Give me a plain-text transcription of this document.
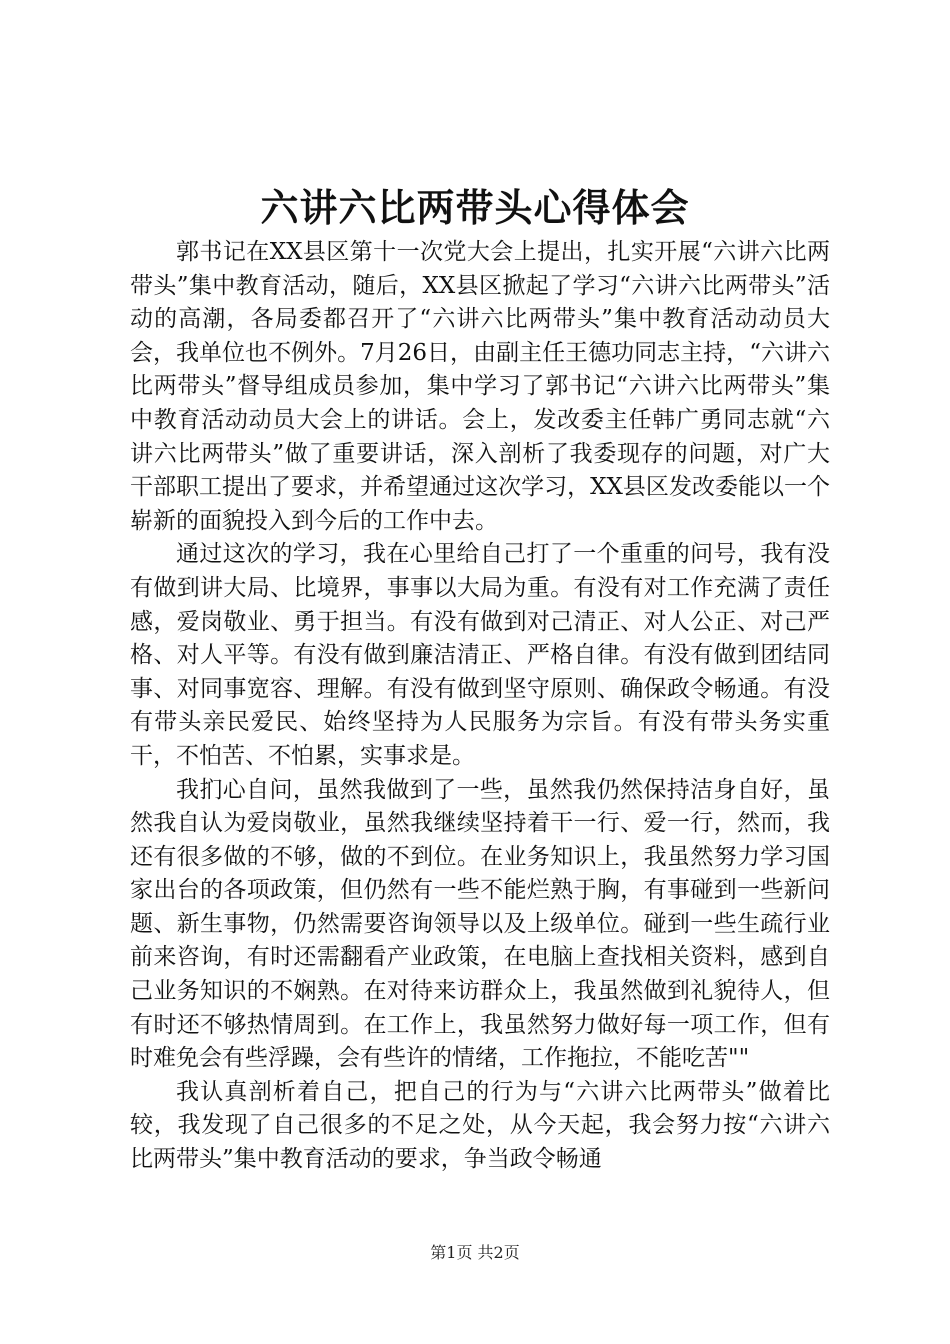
六讲六比两带头心得体会

郭书记在XX县区第十一次党大会上提出，扎实开展“六讲六比两带头”集中教育活动，随后，XX县区掀起了学习“六讲六比两带头”活动的高潮，各局委都召开了“六讲六比两带头”集中教育活动动员大会，我单位也不例外。7月26日，由副主任王德功同志主持，“六讲六比两带头”督导组成员参加，集中学习了郭书记“六讲六比两带头”集中教育活动动员大会上的讲话。会上，发改委主任韩广勇同志就“六讲六比两带头”做了重要讲话，深入剖析了我委现存的问题，对广大干部职工提出了要求，并希望通过这次学习，XX县区发改委能以一个崭新的面貌投入到今后的工作中去。

通过这次的学习，我在心里给自己打了一个重重的问号，我有没有做到讲大局、比境界，事事以大局为重。有没有对工作充满了责任感，爱岗敬业、勇于担当。有没有做到对己清正、对人公正、对己严格、对人平等。有没有做到廉洁清正、严格自律。有没有做到团结同事、对同事宽容、理解。有没有做到坚守原则、确保政令畅通。有没有带头亲民爱民、始终坚持为人民服务为宗旨。有没有带头务实重干，不怕苦、不怕累，实事求是。

我扪心自问，虽然我做到了一些，虽然我仍然保持洁身自好，虽然我自认为爱岗敬业，虽然我继续坚持着干一行、爱一行，然而，我还有很多做的不够，做的不到位。在业务知识上，我虽然努力学习国家出台的各项政策，但仍然有一些不能烂熟于胸，有事碰到一些新问题、新生事物，仍然需要咨询领导以及上级单位。碰到一些生疏行业前来咨询，有时还需翻看产业政策，在电脑上查找相关资料，感到自己业务知识的不娴熟。在对待来访群众上，我虽然做到礼貌待人，但有时还不够热情周到。在工作上，我虽然努力做好每一项工作，但有时难免会有些浮躁，会有些许的情绪，工作拖拉，不能吃苦""

我认真剖析着自己，把自己的行为与“六讲六比两带头”做着比较，我发现了自己很多的不足之处，从今天起，我会努力按“六讲六比两带头”集中教育活动的要求，争当政令畅通

第1页 共2页
